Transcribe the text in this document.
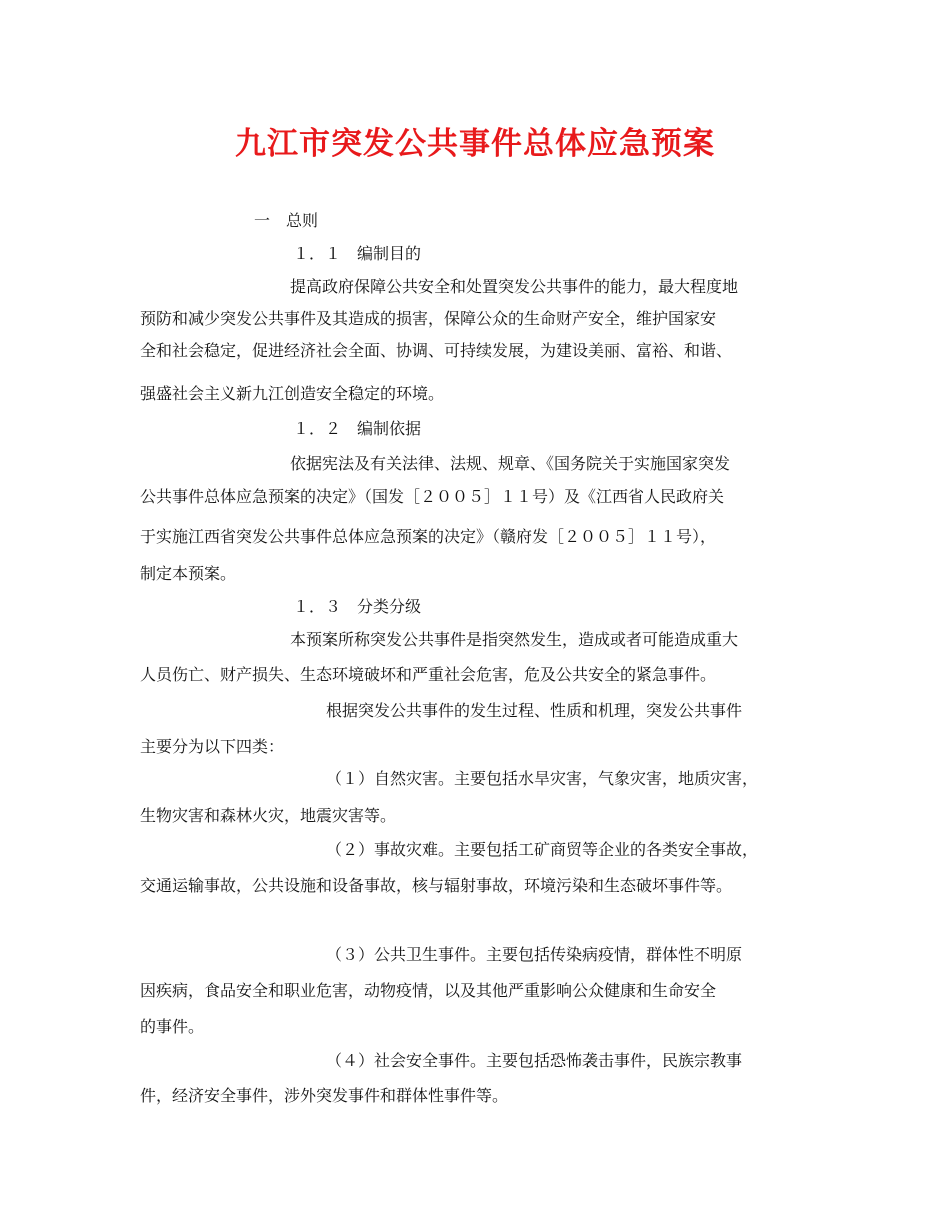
九江市突发公共事件总体应急预案
一　总则
１．１　编制目的
提高政府保障公共安全和处置突发公共事件的能力，最大程度地
预防和减少突发公共事件及其造成的损害，保障公众的生命财产安全，维护国家安
全和社会稳定，促进经济社会全面、协调、可持续发展，为建设美丽、富裕、和谐、
强盛社会主义新九江创造安全稳定的环境。
１．２　编制依据
依据宪法及有关法律、法规、规章、《国务院关于实施国家突发
公共事件总体应急预案的决定》（国发［２００５］１１号）及《江西省人民政府关
于实施江西省突发公共事件总体应急预案的决定》（赣府发［２００５］１１号），
制定本预案。
１．３　分类分级
本预案所称突发公共事件是指突然发生，造成或者可能造成重大
人员伤亡、财产损失、生态环境破坏和严重社会危害，危及公共安全的紧急事件。
根据突发公共事件的发生过程、性质和机理，突发公共事件
主要分为以下四类：
（１）自然灾害。主要包括水旱灾害，气象灾害，地质灾害，
生物灾害和森林火灾，地震灾害等。
（２）事故灾难。主要包括工矿商贸等企业的各类安全事故，
交通运输事故，公共设施和设备事故，核与辐射事故，环境污染和生态破坏事件等。
（３）公共卫生事件。主要包括传染病疫情，群体性不明原
因疾病，食品安全和职业危害，动物疫情，以及其他严重影响公众健康和生命安全
的事件。
（４）社会安全事件。主要包括恐怖袭击事件，民族宗教事
件，经济安全事件，涉外突发事件和群体性事件等。
